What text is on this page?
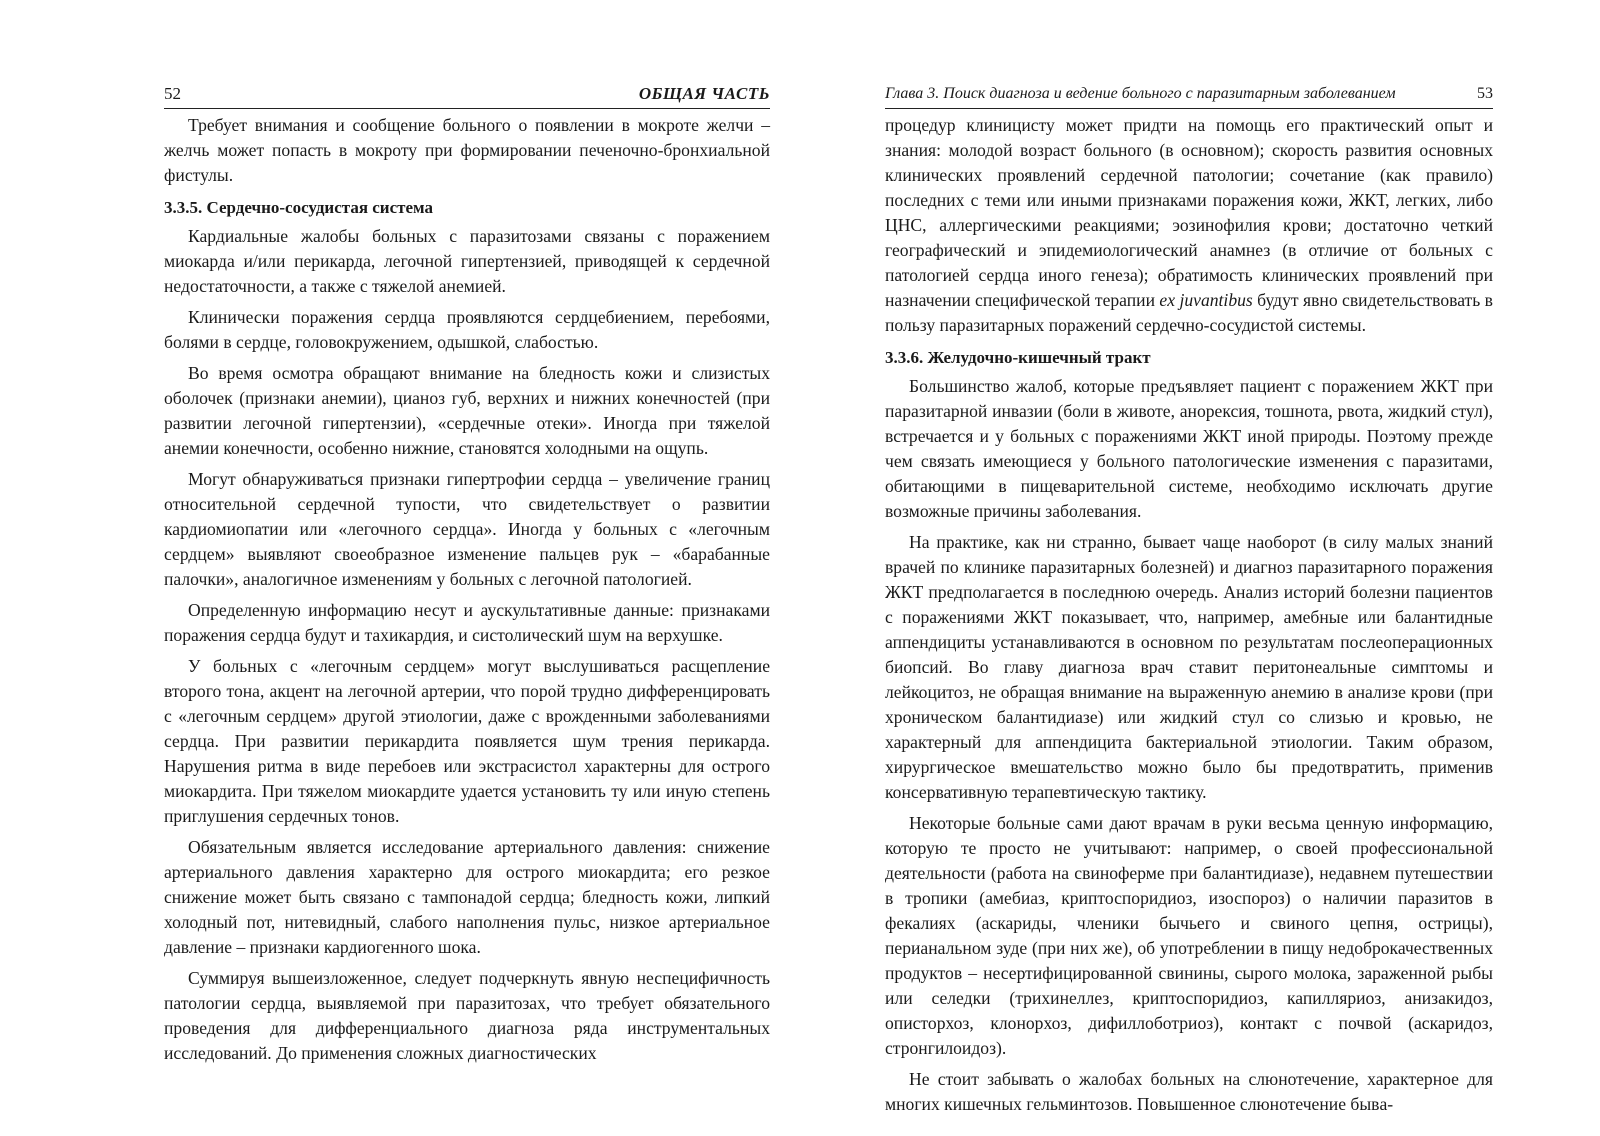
52	ОБЩАЯ ЧАСТЬ

Требует внимания и сообщение больного о появлении в мокроте желчи – желчь может попасть в мокроту при формировании печеночно-бронхиальной фистулы.

3.3.5. Сердечно-сосудистая система

Кардиальные жалобы больных с паразитозами связаны с поражением миокарда и/или перикарда, легочной гипертензией, приводящей к сердечной недостаточности, а также с тяжелой анемией.

Клинически поражения сердца проявляются сердцебиением, перебоями, болями в сердце, головокружением, одышкой, слабостью.

Во время осмотра обращают внимание на бледность кожи и слизистых оболочек (признаки анемии), цианоз губ, верхних и нижних конечностей (при развитии легочной гипертензии), «сердечные отеки». Иногда при тяжелой анемии конечности, особенно нижние, становятся холодными на ощупь.

Могут обнаруживаться признаки гипертрофии сердца – увеличение границ относительной сердечной тупости, что свидетельствует о развитии кардиомиопатии или «легочного сердца». Иногда у больных с «легочным сердцем» выявляют своеобразное изменение пальцев рук – «барабанные палочки», аналогичное изменениям у больных с легочной патологией.

Определенную информацию несут и аускультативные данные: признаками поражения сердца будут и тахикардия, и систолический шум на верхушке.

У больных с «легочным сердцем» могут выслушиваться расщепление второго тона, акцент на легочной артерии, что порой трудно дифференцировать с «легочным сердцем» другой этиологии, даже с врожденными заболеваниями сердца. При развитии перикардита появляется шум трения перикарда. Нарушения ритма в виде перебоев или экстрасистол характерны для острого миокардита. При тяжелом миокардите удается установить ту или иную степень приглушения сердечных тонов.

Обязательным является исследование артериального давления: снижение артериального давления характерно для острого миокардита; его резкое снижение может быть связано с тампонадой сердца; бледность кожи, липкий холодный пот, нитевидный, слабого наполнения пульс, низкое артериальное давление – признаки кардиогенного шока.

Суммируя вышеизложенное, следует подчеркнуть явную неспецифичность патологии сердца, выявляемой при паразитозах, что требует обязательного проведения для дифференциального диагноза ряда инструментальных исследований. До применения сложных диагностических

Глава 3. Поиск диагноза и ведение больного с паразитарным заболеванием	53

процедур клиницисту может придти на помощь его практический опыт и знания: молодой возраст больного (в основном); скорость развития основных клинических проявлений сердечной патологии; сочетание (как правило) последних с теми или иными признаками поражения кожи, ЖКТ, легких, либо ЦНС, аллергическими реакциями; эозинофилия крови; достаточно четкий географический и эпидемиологический анамнез (в отличие от больных с патологией сердца иного генеза); обратимость клинических проявлений при назначении специфической терапии ex juvantibus будут явно свидетельствовать в пользу паразитарных поражений сердечно-сосудистой системы.

3.3.6. Желудочно-кишечный тракт

Большинство жалоб, которые предъявляет пациент с поражением ЖКТ при паразитарной инвазии (боли в животе, анорексия, тошнота, рвота, жидкий стул), встречается и у больных с поражениями ЖКТ иной природы. Поэтому прежде чем связать имеющиеся у больного патологические изменения с паразитами, обитающими в пищеварительной системе, необходимо исключать другие возможные причины заболевания.

На практике, как ни странно, бывает чаще наоборот (в силу малых знаний врачей по клинике паразитарных болезней) и диагноз паразитарного поражения ЖКТ предполагается в последнюю очередь. Анализ историй болезни пациентов с поражениями ЖКТ показывает, что, например, амебные или балантидные аппендициты устанавливаются в основном по результатам послеоперационных биопсий. Во главу диагноза врач ставит перитонеальные симптомы и лейкоцитоз, не обращая внимание на выраженную анемию в анализе крови (при хроническом балантидиазе) или жидкий стул со слизью и кровью, не характерный для аппендицита бактериальной этиологии. Таким образом, хирургическое вмешательство можно было бы предотвратить, применив консервативную терапевтическую тактику.

Некоторые больные сами дают врачам в руки весьма ценную информацию, которую те просто не учитывают: например, о своей профессиональной деятельности (работа на свиноферме при балантидиазе), недавнем путешествии в тропики (амебиаз, криптоспоридиоз, изоспороз) о наличии паразитов в фекалиях (аскариды, членики бычьего и свиного цепня, острицы), перианальном зуде (при них же), об употреблении в пищу недоброкачественных продуктов – несертифицированной свинины, сырого молока, зараженной рыбы или селедки (трихинеллез, криптоспоридиоз, капилляриоз, анизакидоз, описторхоз, клонорхоз, дифиллоботриоз), контакт с почвой (аскаридоз, стронгилоидоз).

Не стоит забывать о жалобах больных на слюнотечение, характерное для многих кишечных гельминтозов. Повышенное слюнотечение бывa-
